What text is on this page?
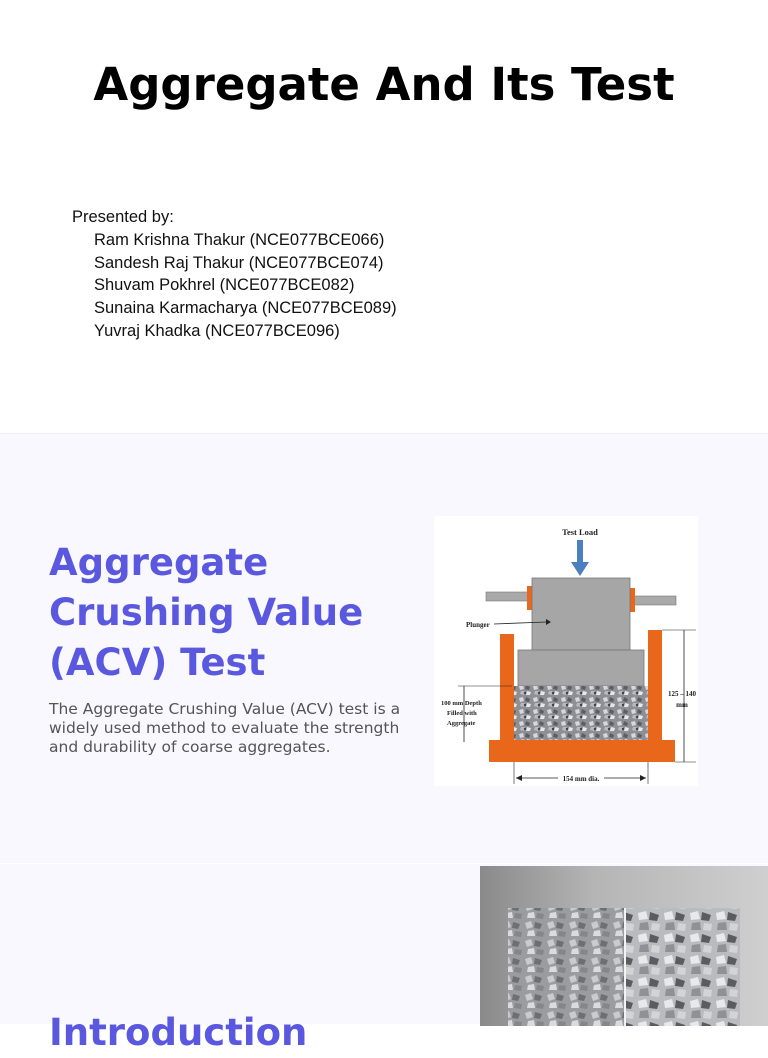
Aggregate And Its Test
Presented by:
Ram Krishna Thakur (NCE077BCE066)
Sandesh Raj Thakur (NCE077BCE074)
Shuvam Pokhrel (NCE077BCE082)
Sunaina Karmacharya (NCE077BCE089)
Yuvraj Khadka (NCE077BCE096)
Aggregate Crushing Value (ACV) Test

The Aggregate Crushing Value (ACV) test is a widely used method to evaluate the strength and durability of coarse aggregates.

Test Load
Plunger
100 mm Depth
Filled with
Aggregate
125 – 140
mm
154 mm dia.
Introduction
